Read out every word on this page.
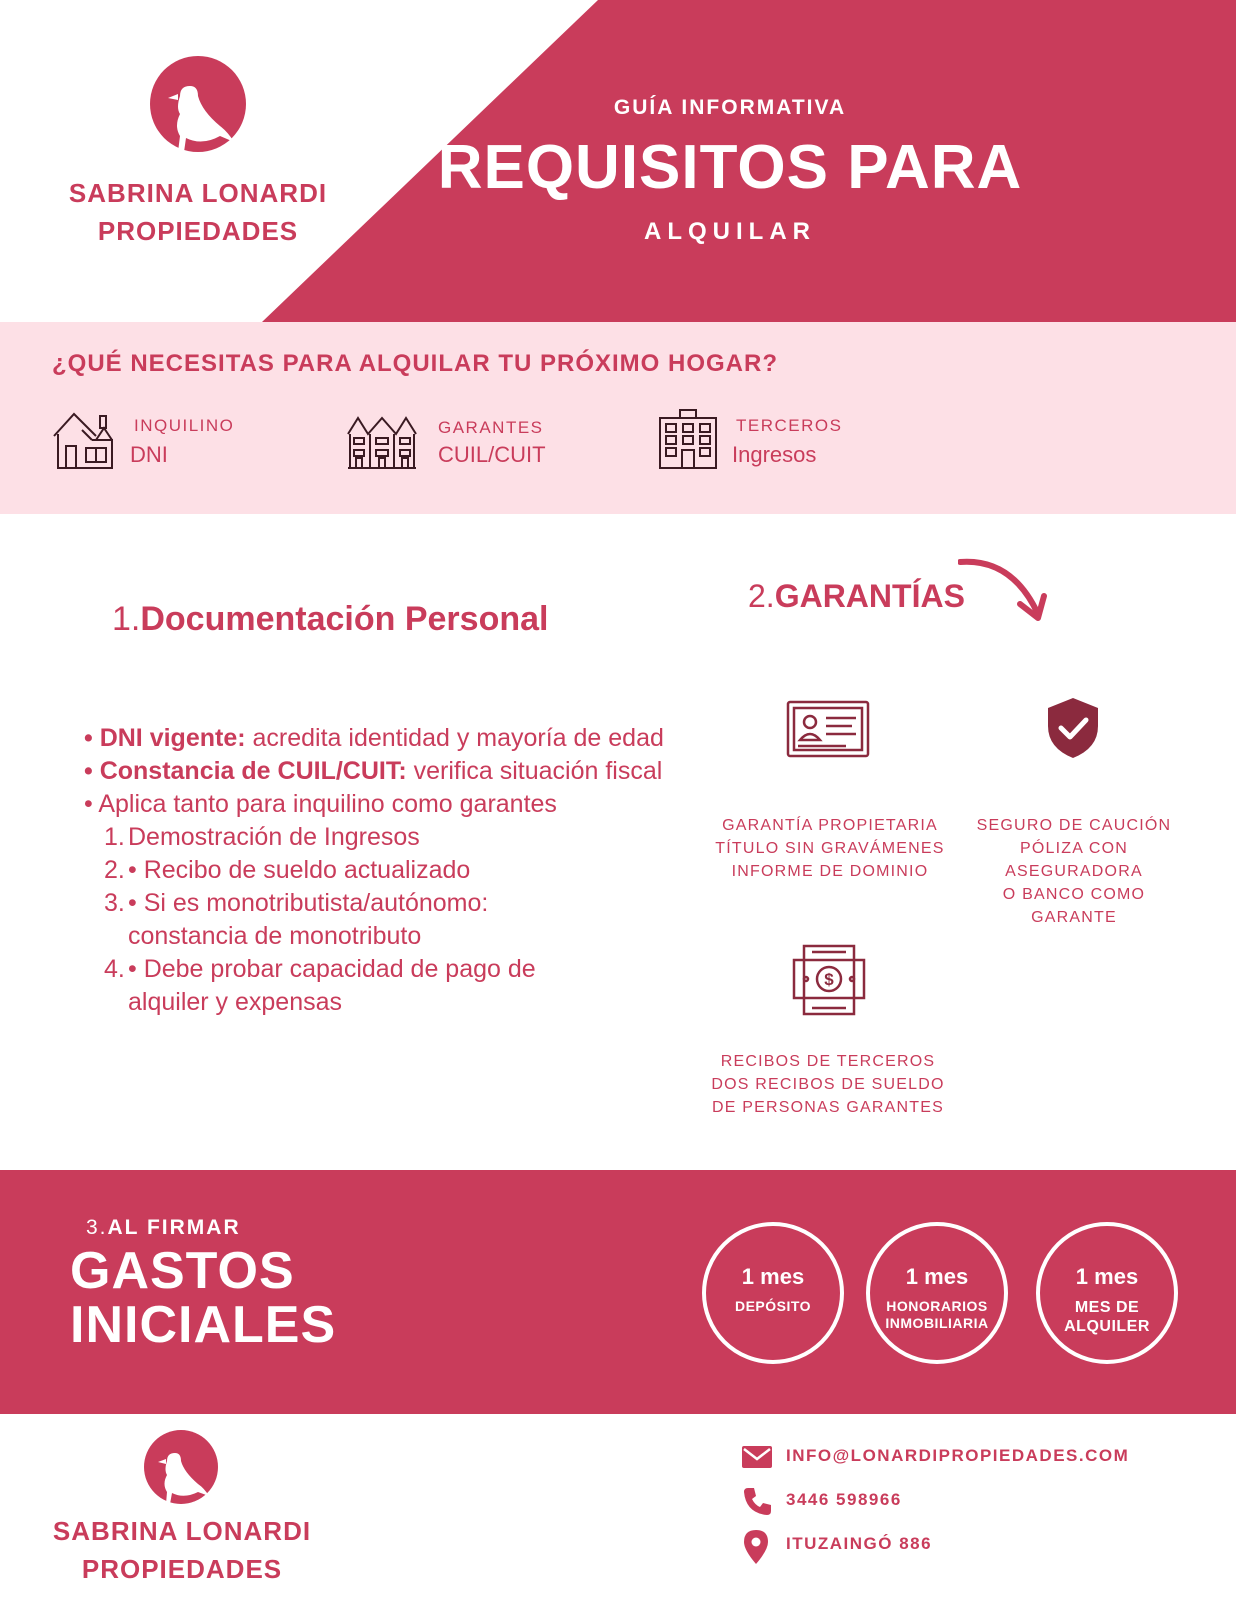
SABRINA LONARDI
PROPIEDADES
GUÍA INFORMATIVA
REQUISITOS PARA
ALQUILAR
¿QUÉ NECESITAS PARA ALQUILAR TU PRÓXIMO HOGAR?
INQUILINO
DNI
GARANTES
CUIL/CUIT
TERCEROS
Ingresos
1.Documentación Personal
• DNI vigente: acredita identidad y mayoría de edad
• Constancia de CUIL/CUIT: verifica situación fiscal
• Aplica tanto para inquilino como garantes
1. Demostración de Ingresos
2. • Recibo de sueldo actualizado
3. • Si es monotributista/autónomo:
constancia de monotributo
4. • Debe probar capacidad de pago de
alquiler y expensas
2.GARANTÍAS
GARANTÍA PROPIETARIA
TÍTULO SIN GRAVÁMENES
INFORME DE DOMINIO
SEGURO DE CAUCIÓN
PÓLIZA CON
ASEGURADORA
O BANCO COMO
GARANTE
$
RECIBOS DE TERCEROS
DOS RECIBOS DE SUELDO
DE PERSONAS GARANTES
3.AL FIRMAR
GASTOS
INICIALES
1 mes
DEPÓSITO
1 mes
HONORARIOS
INMOBILIARIA
1 mes
MES DE
ALQUILER
SABRINA LONARDI
PROPIEDADES
INFO@LONARDIPROPIEDADES.COM
3446 598966
ITUZAINGÓ 886
